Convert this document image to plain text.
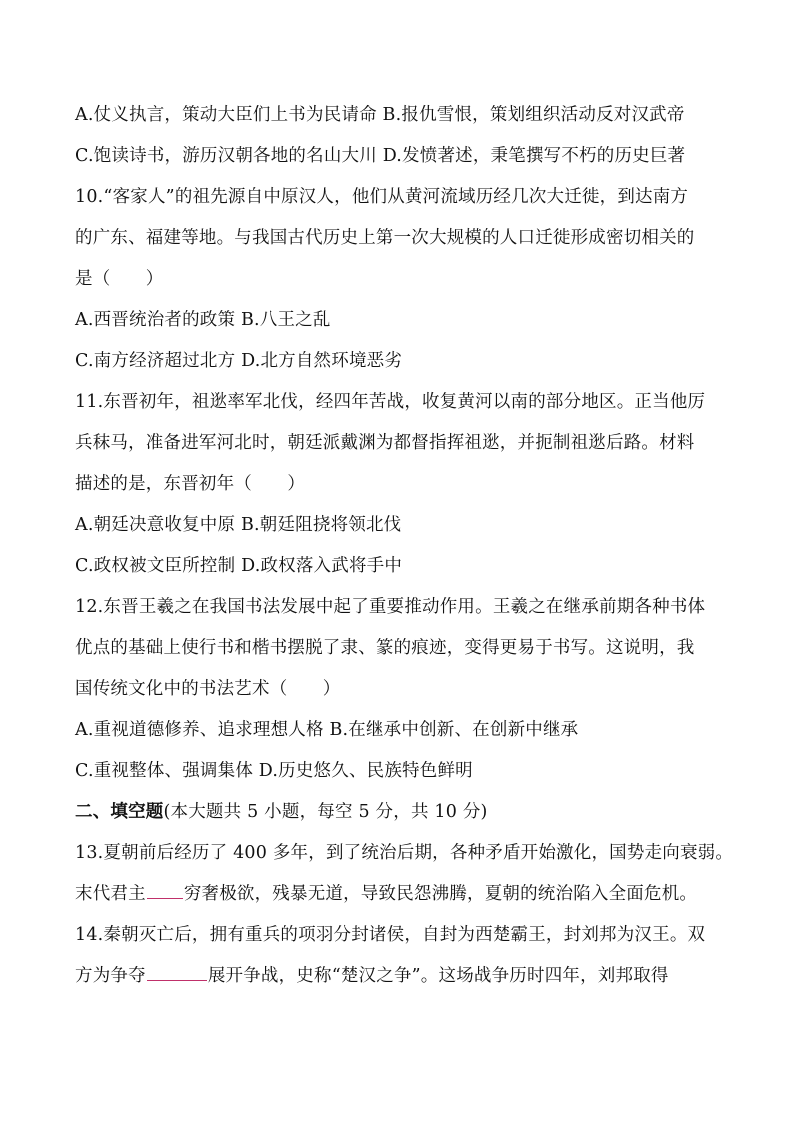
A.仗义执言，策动大臣们上书为民请命 B.报仇雪恨，策划组织活动反对汉武帝
C.饱读诗书，游历汉朝各地的名山大川 D.发愤著述，秉笔撰写不朽的历史巨著
10.“客家人”的祖先源自中原汉人，他们从黄河流域历经几次大迁徙，到达南方
的广东、福建等地。与我国古代历史上第一次大规模的人口迁徙形成密切相关的
是（　　）
A.西晋统治者的政策 B.八王之乱
C.南方经济超过北方 D.北方自然环境恶劣
11.东晋初年，祖逖率军北伐，经四年苦战，收复黄河以南的部分地区。正当他厉
兵秣马，准备进军河北时，朝廷派戴渊为都督指挥祖逖，并扼制祖逖后路。材料
描述的是，东晋初年（　　）
A.朝廷决意收复中原 B.朝廷阻挠将领北伐
C.政权被文臣所控制 D.政权落入武将手中
12.东晋王羲之在我国书法发展中起了重要推动作用。王羲之在继承前期各种书体
优点的基础上使行书和楷书摆脱了隶、篆的痕迹，变得更易于书写。这说明，我
国传统文化中的书法艺术（　　）
A.重视道德修养、追求理想人格 B.在继承中创新、在创新中继承
C.重视整体、强调集体 D.历史悠久、民族特色鲜明
二、填空题(本大题共 5 小题，每空 5 分，共 10 分)
13.夏朝前后经历了 400 多年，到了统治后期，各种矛盾开始激化，国势走向衰弱。
末代君主 穷奢极欲，残暴无道，导致民怨沸腾，夏朝的统治陷入全面危机。
14.秦朝灭亡后，拥有重兵的项羽分封诸侯，自封为西楚霸王，封刘邦为汉王。双
方为争夺	展开争战，史称“楚汉之争”。这场战争历时四年，刘邦取得
